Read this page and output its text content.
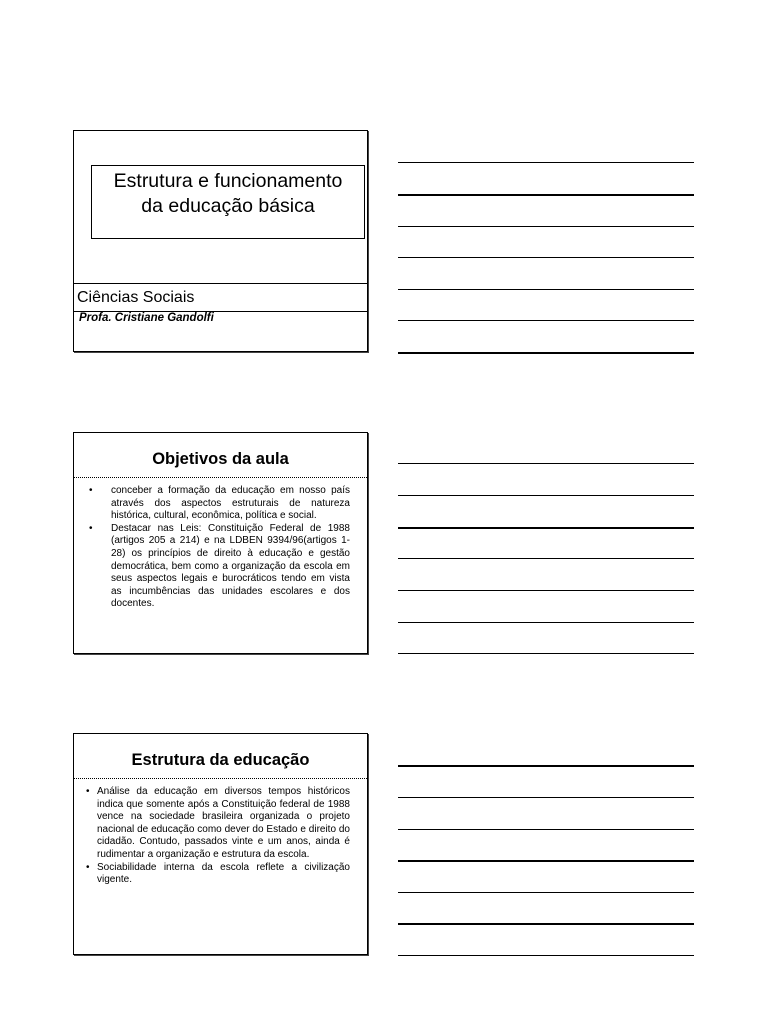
Estrutura e funcionamento
da educação básica
Ciências Sociais
Profa. Cristiane Gandolfi
Objetivos da aula
• conceber a formação da educação em nosso país através dos aspectos estruturais de natureza histórica, cultural, econômica, política e social.
• Destacar nas Leis: Constituição Federal de 1988 (artigos 205 a 214) e na LDBEN 9394/96(artigos 1- 28) os princípios de direito à educação e gestão democrática, bem como a organização da escola em seus aspectos legais e burocráticos tendo em vista as incumbências das unidades escolares e dos docentes.
Estrutura da educação
• Análise da educação em diversos tempos históricos indica que somente após a Constituição federal de 1988 vence na sociedade brasileira organizada o projeto nacional de educação como dever do Estado e direito do cidadão. Contudo, passados vinte e um anos, ainda é rudimentar a organização e estrutura da escola.
• Sociabilidade interna da escola reflete a civilização vigente.
